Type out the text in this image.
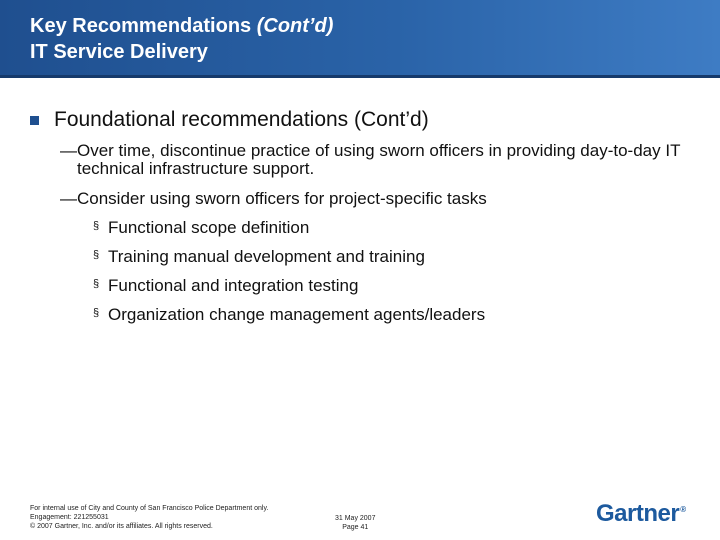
Key Recommendations (Cont’d)
IT Service Delivery
Foundational recommendations (Cont’d)
— Over time, discontinue practice of using sworn officers in providing day-to-day IT technical infrastructure support.
— Consider using sworn officers for project-specific tasks
§ Functional scope definition
§ Training manual development and training
§ Functional and integration testing
§ Organization change management agents/leaders
For internal use of City and County of San Francisco Police Department only.
Engagement: 221255031
© 2007 Gartner, Inc. and/or its affiliates. All rights reserved.
31 May 2007
Page 41
Gartner®
